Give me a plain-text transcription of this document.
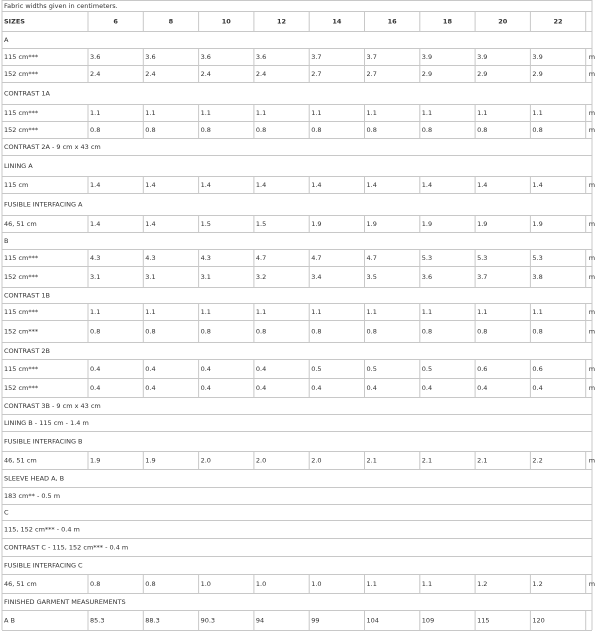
Fabric widths given in centimeters.
SIZES	6	8	10	12	14	16	18	20	22
A
115 cm***	3.6	3.6	3.6	3.6	3.7	3.7	3.9	3.9	3.9	m
152 cm***	2.4	2.4	2.4	2.4	2.7	2.7	2.9	2.9	2.9	m
CONTRAST 1A
115 cm***	1.1	1.1	1.1	1.1	1.1	1.1	1.1	1.1	1.1	m
152 cm***	0.8	0.8	0.8	0.8	0.8	0.8	0.8	0.8	0.8	m
CONTRAST 2A - 9 cm x 43 cm
LINING A
115 cm	1.4	1.4	1.4	1.4	1.4	1.4	1.4	1.4	1.4	m
FUSIBLE INTERFACING A
46, 51 cm	1.4	1.4	1.5	1.5	1.9	1.9	1.9	1.9	1.9	m
B
115 cm***	4.3	4.3	4.3	4.7	4.7	4.7	5.3	5.3	5.3	m
152 cm***	3.1	3.1	3.1	3.2	3.4	3.5	3.6	3.7	3.8	m
CONTRAST 1B
115 cm***	1.1	1.1	1.1	1.1	1.1	1.1	1.1	1.1	1.1	m
152 cm***	0.8	0.8	0.8	0.8	0.8	0.8	0.8	0.8	0.8	m
CONTRAST 2B
115 cm***	0.4	0.4	0.4	0.4	0.5	0.5	0.5	0.6	0.6	m
152 cm***	0.4	0.4	0.4	0.4	0.4	0.4	0.4	0.4	0.4	m
CONTRAST 3B - 9 cm x 43 cm
LINING B - 115 cm - 1.4 m
FUSIBLE INTERFACING B
46, 51 cm	1.9	1.9	2.0	2.0	2.0	2.1	2.1	2.1	2.2	m
SLEEVE HEAD A, B
183 cm** - 0.5 m
C
115, 152 cm*** - 0.4 m
CONTRAST C - 115, 152 cm*** - 0.4 m
FUSIBLE INTERFACING C
46, 51 cm	0.8	0.8	1.0	1.0	1.0	1.1	1.1	1.2	1.2	m
FINISHED GARMENT MEASUREMENTS
A B	85.3	88.3	90.3	94	99	104	109	115	120
